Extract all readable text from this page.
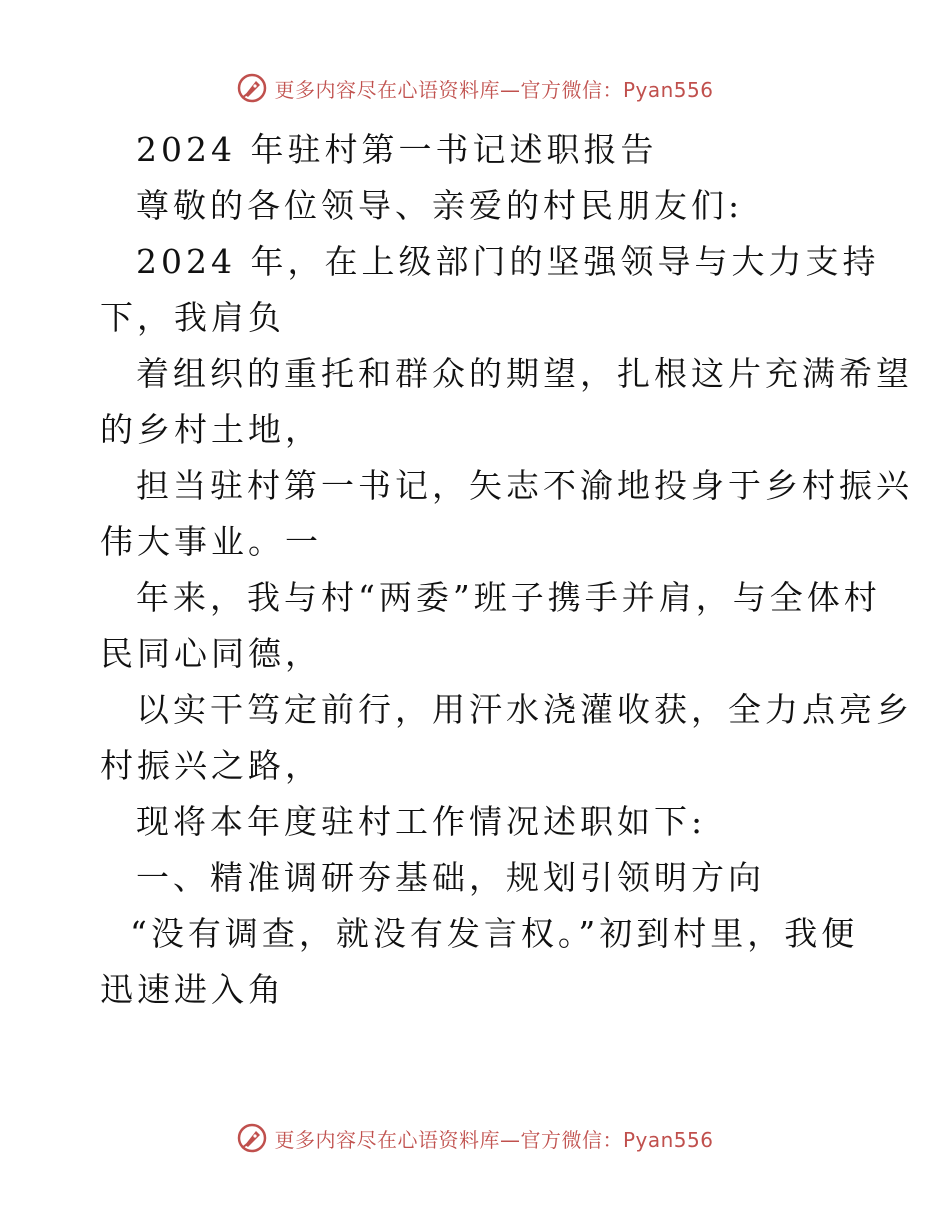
更多内容尽在心语资料库—官方微信：Pyan556

2024 年驻村第一书记述职报告

尊敬的各位领导、亲爱的村民朋友们:

2024 年，在上级部门的坚强领导与大力支持

下，我肩负

着组织的重托和群众的期望，扎根这片充满希望

的乡村土地，

担当驻村第一书记，矢志不渝地投身于乡村振兴

伟大事业。一

年来，我与村“两委”班子携手并肩，与全体村

民同心同德，

以实干笃定前行，用汗水浇灌收获，全力点亮乡

村振兴之路，

现将本年度驻村工作情况述职如下:

一、精准调研夯基础，规划引领明方向

“没有调查，就没有发言权。”初到村里，我便

迅速进入角

更多内容尽在心语资料库—官方微信：Pyan556
